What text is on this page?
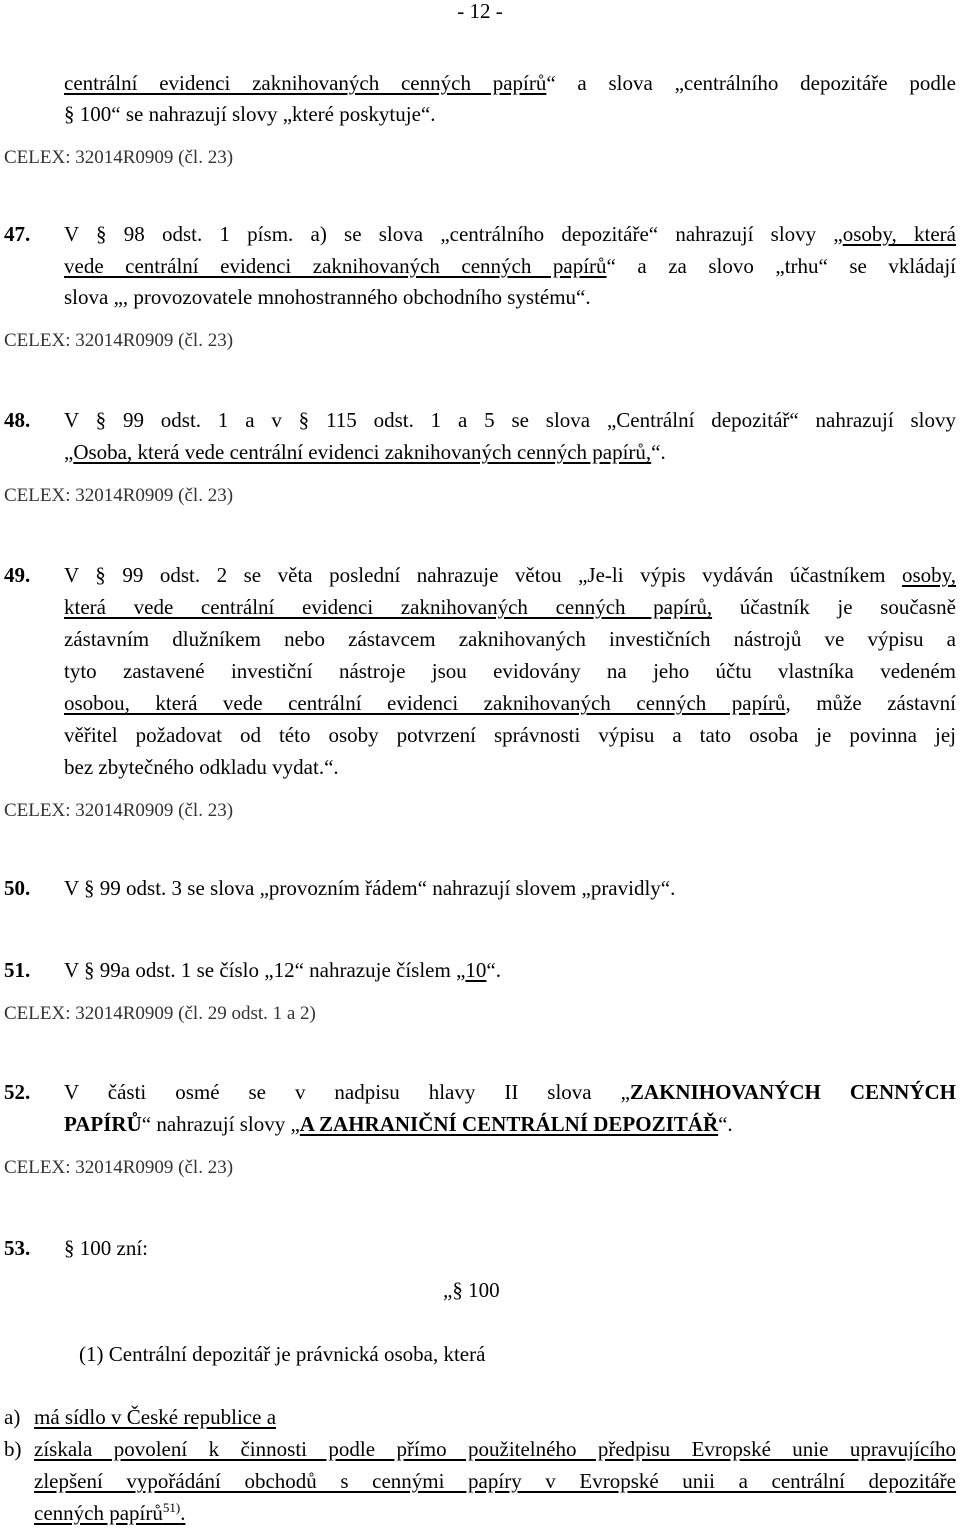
- 12 -
centrální evidenci zaknihovaných cenných papírů“ a slova „centrálního depozitáře podle
§ 100“ se nahrazují slovy „které poskytuje“.
CELEX: 32014R0909 (čl. 23)
47. V § 98 odst. 1 písm. a) se slova „centrálního depozitáře“ nahrazují slovy „osoby, která
vede centrální evidenci zaknihovaných cenných papírů“ a za slovo „trhu“ se vkládají
slova „, provozovatele mnohostranného obchodního systému“.
CELEX: 32014R0909 (čl. 23)
48. V § 99 odst. 1 a v § 115 odst. 1 a 5 se slova „Centrální depozitář“ nahrazují slovy
„Osoba, která vede centrální evidenci zaknihovaných cenných papírů,“.
CELEX: 32014R0909 (čl. 23)
49. V § 99 odst. 2 se věta poslední nahrazuje větou „Je-li výpis vydáván účastníkem osoby,
která vede centrální evidenci zaknihovaných cenných papírů, účastník je současně
zástavním dlužníkem nebo zástavcem zaknihovaných investičních nástrojů ve výpisu a
tyto zastavené investiční nástroje jsou evidovány na jeho účtu vlastníka vedeném
osobou, která vede centrální evidenci zaknihovaných cenných papírů, může zástavní
věřitel požadovat od této osoby potvrzení správnosti výpisu a tato osoba je povinna jej
bez zbytečného odkladu vydat.“.
CELEX: 32014R0909 (čl. 23)
50. V § 99 odst. 3 se slova „provozním řádem“ nahrazují slovem „pravidly“.
51. V § 99a odst. 1 se číslo „12“ nahrazuje číslem „10“.
CELEX: 32014R0909 (čl. 29 odst. 1 a 2)
52. V části osmé se v nadpisu hlavy II slova „ZAKNIHOVANÝCH CENNÝCH
PAPÍRŮ“ nahrazují slovy „A ZAHRANIČNÍ CENTRÁLNÍ DEPOZITÁŘ“.
CELEX: 32014R0909 (čl. 23)
53. § 100 zní:
„§ 100
(1) Centrální depozitář je právnická osoba, která
a) má sídlo v České republice a
b) získala povolení k činnosti podle přímo použitelného předpisu Evropské unie upravujícího
zlepšení vypořádání obchodů s cennými papíry v Evropské unii a centrální depozitáře
cenných papírů$^{51)}$.
